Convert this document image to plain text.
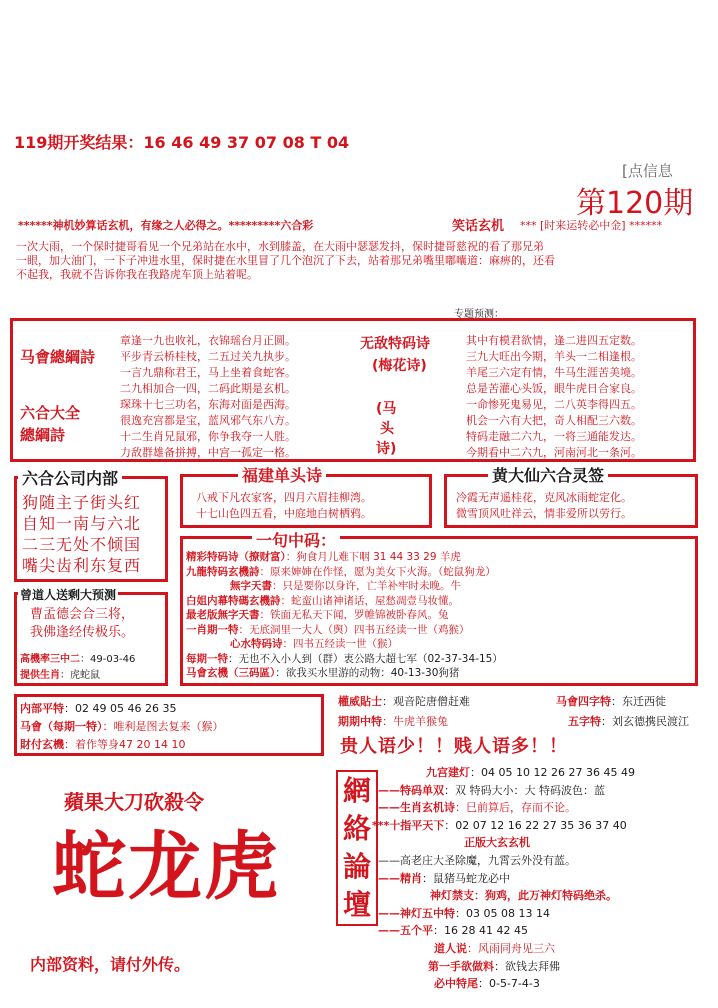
119期开奖结果：16 46 49 37 07 08 T 04
[点信息
第120期
******神机妙算话玄机，有缘之人必得之。*********六合彩	笑话玄机 *** [时来运转必中金] ******
一次大雨，一个保时捷哥看见一个兄弟站在水中，水到膝盖，在大雨中瑟瑟发抖，保时捷哥慈祝的看了那兄弟
一眼，加大油门，一下子冲进水里，保时捷在水里冒了几个泡沉了下去，站着那兄弟嘴里嘟囔道：麻痹的，还看
不起我，我就不告诉你我在我路虎车顶上站着呢。
专题预测：
马會總綱詩
六合大全
總綱詩
章逢一九也收礼，衣锦瑶台月正圆。
平步青云桥桂枝，二五过关九执步。
一言九鼎称君王，马上坐着食蛇客。
二九相加合一四，二码此期是玄机。
琛珠十七三功名，东海对面是西海。
很逸充宫都是宝，蓝风邪气东八方。
十二生肖兄鼠邪，你争我夺一人胜。
力敌群雄备拼搏，中宫一孤定一格。
无敌特码诗
(梅花诗)
(马
头
诗)
其中有模君欲情，逢二进四五定数。
三九大旺出今期，羊头一二相逢根。
羊尾三六定有情，牛马生涯苦美境。
总是苦灌心头饭，眼牛虎日合家良。
一命惨死鬼易见，二八英李得四五。
机会一六有大把，奇人相配三六数。
特码走融二六九，一将三通能发达。
今期看中二六九，河南河北一条河。
六合公司内部
狗随主子街头红
自知一南与六北
二三无处不倾国
嘴尖齿利东复西
福建单头诗
八戒下凡农家客，四月六眉挂柳湾。
十七山色四五看，中庭地白树栖鸦。
黄大仙六合灵签
冷霞无声遥桂花，克风冰雨蛇定化。
微雪顶风吐祥云，情非爱所以劳行。
一句中码：
精彩特码诗（撩财富）：狗食月儿难下咽 31 44 33 29 羊虎
九龍特码玄機詩：原来婶婶在作怪，愿为美女下火海。（蛇鼠狗龙）
無字天書：只是要你以身许，亡羊补牢时未晚。牛
白姐内幕特碼玄機詩：蛇蛮山诸神诸话，屋愁凋壹马妆懂。
最老版無字天書：铁面无私天下闻，罗帷锦被卧春风。兔
一肖期一特：无底洞里一大人（舆）四书五经读一世（鸡猴）
心水特码诗：四书五经读一世（猴）
每期一特：无也不入小人到（群）衷公路大超七军（02-37-34-15）
马會玄機（三码區）：欲我买水里游的动物：40-13-30狗猪
曾道人送剩大预测
曹孟德会合三将，
我佛逢经传极乐。
高機率三中二：49-03-46
提供生肖：虎蛇鼠
内部平特：02 49 05 46 26 35
马會（每期一特）：唯利是图去复来（猴）
財付玄機：着作等身47 20 14 10
權威貼士：观音陀唐僧赶难
期期中特：牛虎羊猴兔
马會四字特：东迁西徙
五字特：刘玄德携民渡江
贵人语少！！贱人语多！！
蘋果大刀砍殺令
蛇龙虎
内部资料，请付外传。
網
絡
論
壇
九宫建灯：04 05 10 12 26 27 36 45 49
——特码单双：双 特码大小：大 特码波色：蓝
——生肖玄机诗：巳前算后，存而不论。
***十指平天下：02 07 12 16 22 27 35 36 37 40
正版大玄玄机
——高老庄大圣除魔，九霄云外没有蓝。
——精肖：鼠猪马蛇龙必中
神灯禁支：狗鸡，此万神灯特码绝杀。
——神灯五中特：03 05 08 13 14
——五个平：16 28 41 42 45
道人说：风雨同舟见三六
第一手欲做料：欲钱去拜佛
必中特尾：0-5-7-4-3
